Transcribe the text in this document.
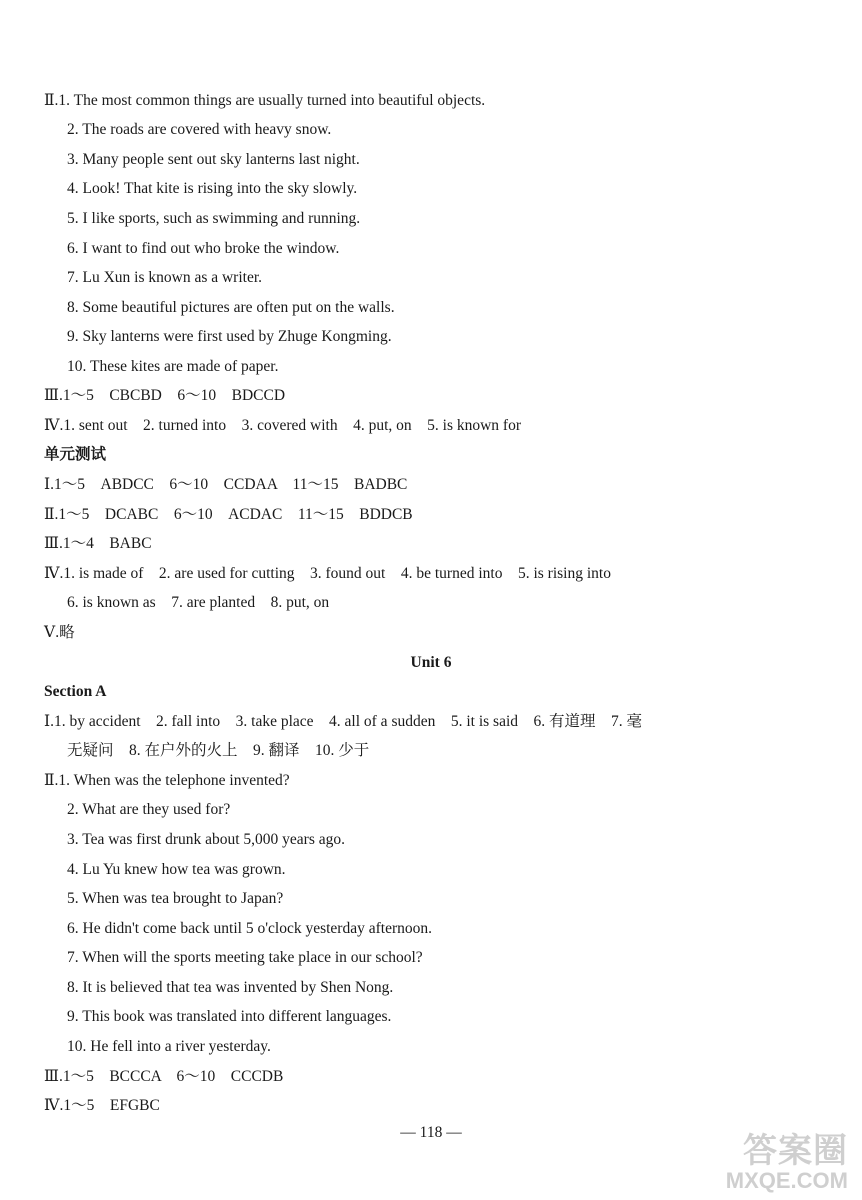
Ⅱ.1. The most common things are usually turned into beautiful objects.
2. The roads are covered with heavy snow.
3. Many people sent out sky lanterns last night.
4. Look! That kite is rising into the sky slowly.
5. I like sports, such as swimming and running.
6. I want to find out who broke the window.
7. Lu Xun is known as a writer.
8. Some beautiful pictures are often put on the walls.
9. Sky lanterns were first used by Zhuge Kongming.
10. These kites are made of paper.
Ⅲ.1～5　CBCBD　6～10　BDCCD
Ⅳ.1. sent out　2. turned into　3. covered with　4. put, on　5. is known for
单元测试
Ⅰ.1～5　ABDCC　6～10　CCDAA　11～15　BADBC
Ⅱ.1～5　DCABC　6～10　ACDAC　11～15　BDDCB
Ⅲ.1～4　BABC
Ⅳ.1. is made of　2. are used for cutting　3. found out　4. be turned into　5. is rising into
6. is known as　7. are planted　8. put, on
Ⅴ.略
Unit 6
Section A
Ⅰ.1. by accident　2. fall into　3. take place　4. all of a sudden　5. it is said　6. 有道理　7. 毫
无疑问　8. 在户外的火上　9. 翻译　10. 少于
Ⅱ.1. When was the telephone invented?
2. What are they used for?
3. Tea was first drunk about 5,000 years ago.
4. Lu Yu knew how tea was grown.
5. When was tea brought to Japan?
6. He didn't come back until 5 o'clock yesterday afternoon.
7. When will the sports meeting take place in our school?
8. It is believed that tea was invented by Shen Nong.
9. This book was translated into different languages.
10. He fell into a river yesterday.
Ⅲ.1～5　BCCCA　6～10　CCCDB
Ⅳ.1～5　EFGBC
— 118 —	答案圈
MXQE.COM
